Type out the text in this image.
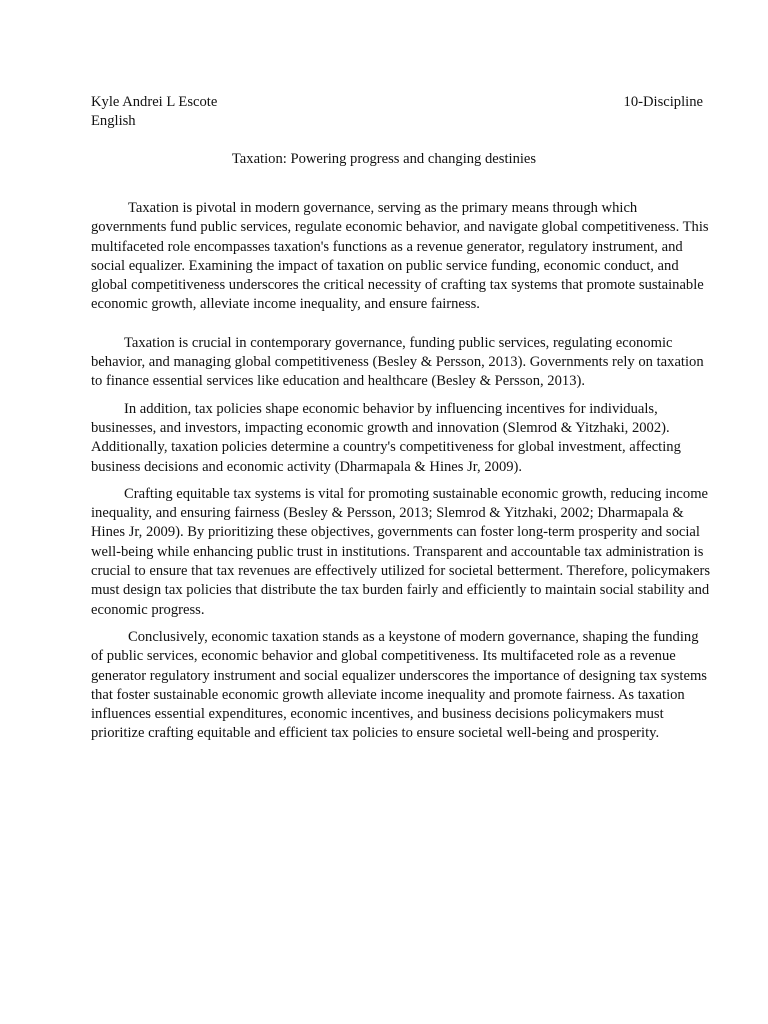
Kyle Andrei L Escote	10-Discipline
English
Taxation: Powering progress and changing destinies

Taxation is pivotal in modern governance, serving as the primary means through which governments fund public services, regulate economic behavior, and navigate global competitiveness. This multifaceted role encompasses taxation's functions as a revenue generator, regulatory instrument, and social equalizer. Examining the impact of taxation on public service funding, economic conduct, and global competitiveness underscores the critical necessity of crafting tax systems that promote sustainable economic growth, alleviate income inequality, and ensure fairness.

Taxation is crucial in contemporary governance, funding public services, regulating economic behavior, and managing global competitiveness (Besley & Persson, 2013). Governments rely on taxation to finance essential services like education and healthcare (Besley & Persson, 2013).

In addition, tax policies shape economic behavior by influencing incentives for individuals, businesses, and investors, impacting economic growth and innovation (Slemrod & Yitzhaki, 2002). Additionally, taxation policies determine a country's competitiveness for global investment, affecting business decisions and economic activity (Dharmapala & Hines Jr, 2009).

Crafting equitable tax systems is vital for promoting sustainable economic growth, reducing income inequality, and ensuring fairness (Besley & Persson, 2013; Slemrod & Yitzhaki, 2002; Dharmapala & Hines Jr, 2009). By prioritizing these objectives, governments can foster long-term prosperity and social well-being while enhancing public trust in institutions. Transparent and accountable tax administration is crucial to ensure that tax revenues are effectively utilized for societal betterment. Therefore, policymakers must design tax policies that distribute the tax burden fairly and efficiently to maintain social stability and economic progress.

Conclusively, economic taxation stands as a keystone of modern governance, shaping the funding of public services, economic behavior and global competitiveness. Its multifaceted role as a revenue generator regulatory instrument and social equalizer underscores the importance of designing tax systems that foster sustainable economic growth alleviate income inequality and promote fairness. As taxation influences essential expenditures, economic incentives, and business decisions policymakers must prioritize crafting equitable and efficient tax policies to ensure societal well-being and prosperity.
